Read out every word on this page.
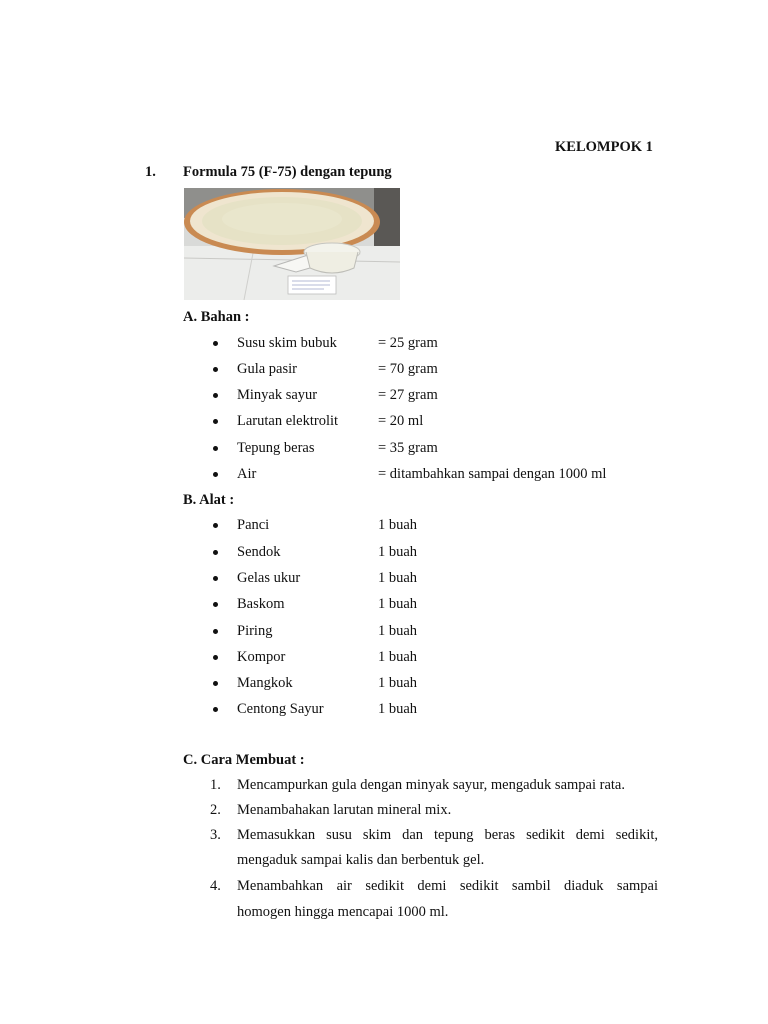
KELOMPOK 1
1. Formula 75 (F-75) dengan tepung
A. Bahan :
Susu skim bubuk	= 25 gram
Gula pasir	= 70 gram
Minyak sayur	= 27 gram
Larutan elektrolit	= 20 ml
Tepung beras	= 35 gram
Air	= ditambahkan sampai dengan 1000 ml
B. Alat :
Panci	1 buah
Sendok	1 buah
Gelas ukur	1 buah
Baskom	1 buah
Piring	1 buah
Kompor	1 buah
Mangkok	1 buah
Centong Sayur	1 buah
C. Cara Membuat :
1. Mencampurkan gula dengan minyak sayur, mengaduk sampai rata.
2. Menambahakan larutan mineral mix.
3. Memasukkan susu skim dan tepung beras sedikit demi sedikit,
mengaduk sampai kalis dan berbentuk gel.
4. Menambahkan air sedikit demi sedikit sambil diaduk sampai
homogen hingga mencapai 1000 ml.
